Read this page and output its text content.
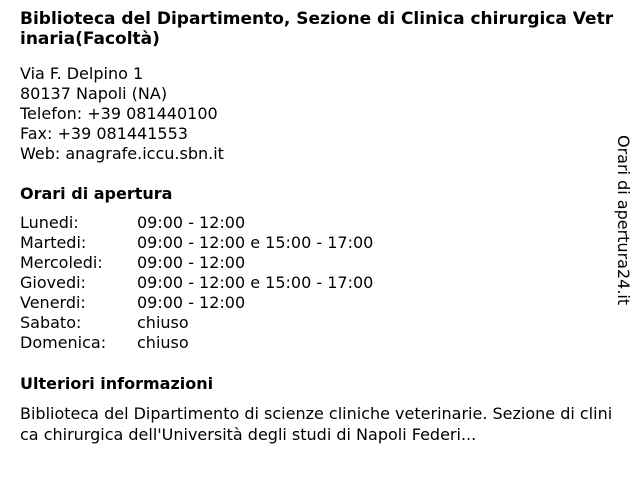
Biblioteca del Dipartimento, Sezione di Clinica chirurgica Vetrinaria(Facoltà)
Via F. Delpino 1
80137 Napoli (NA)
Telefon: +39 081440100
Fax: +39 081441553
Web: anagrafe.iccu.sbn.it
Orari di apertura
Lunedi:	09:00 - 12:00
Martedi:	09:00 - 12:00 e 15:00 - 17:00
Mercoledi: 09:00 - 12:00
Giovedi:	09:00 - 12:00 e 15:00 - 17:00
Venerdi:	09:00 - 12:00
Sabato:	chiuso
Domenica: chiuso
Ulteriori informazioni
Biblioteca del Dipartimento di scienze cliniche veterinarie. Sezione di clinica chirurgica dell'Università degli studi di Napoli Federi...
Orari di apertura24.it
